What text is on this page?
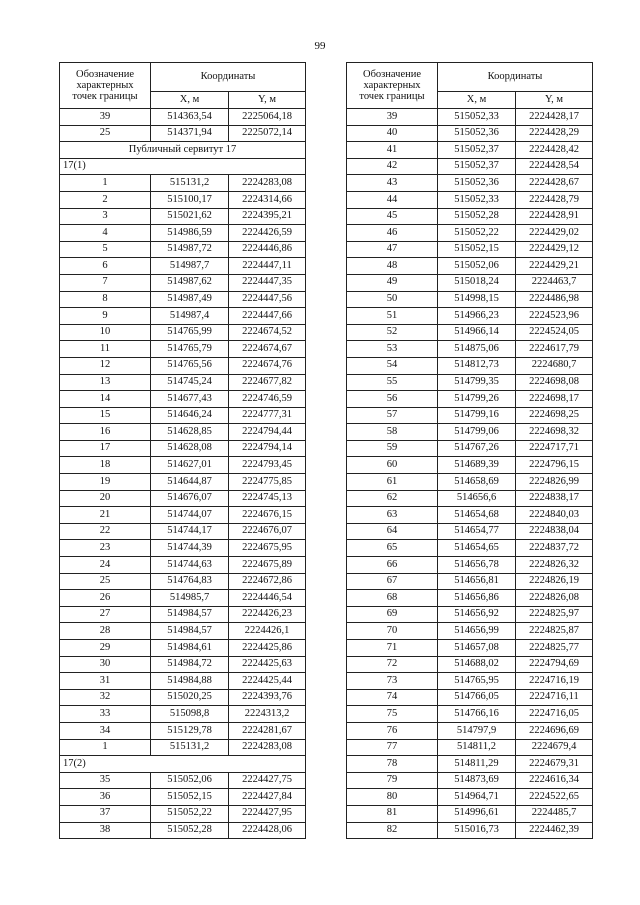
99
Обозначение характерных точек границы	Координаты	
	X, м	Y, м
39	514363,54	2225064,18
25	514371,94	2225072,14
Публичный сервитут 17		
17(1)		
1	515131,2	2224283,08
2	515100,17	2224314,66
3	515021,62	2224395,21
4	514986,59	2224426,59
5	514987,72	2224446,86
6	514987,7	2224447,11
7	514987,62	2224447,35
8	514987,49	2224447,56
9	514987,4	2224447,66
10	514765,99	2224674,52
11	514765,79	2224674,67
12	514765,56	2224674,76
13	514745,24	2224677,82
14	514677,43	2224746,59
15	514646,24	2224777,31
16	514628,85	2224794,44
17	514628,08	2224794,14
18	514627,01	2224793,45
19	514644,87	2224775,85
20	514676,07	2224745,13
21	514744,07	2224676,15
22	514744,17	2224676,07
23	514744,39	2224675,95
24	514744,63	2224675,89
25	514764,83	2224672,86
26	514985,7	2224446,54
27	514984,57	2224426,23
28	514984,57	2224426,1
29	514984,61	2224425,86
30	514984,72	2224425,63
31	514984,88	2224425,44
32	515020,25	2224393,76
33	515098,8	2224313,2
34	515129,78	2224281,67
1	515131,2	2224283,08
17(2)		
35	515052,06	2224427,75
36	515052,15	2224427,84
37	515052,22	2224427,95
38	515052,28	2224428,06
Обозначение характерных точек границы	Координаты	
	X, м	Y, м
39	515052,33	2224428,17
40	515052,36	2224428,29
41	515052,37	2224428,42
42	515052,37	2224428,54
43	515052,36	2224428,67
44	515052,33	2224428,79
45	515052,28	2224428,91
46	515052,22	2224429,02
47	515052,15	2224429,12
48	515052,06	2224429,21
49	515018,24	2224463,7
50	514998,15	2224486,98
51	514966,23	2224523,96
52	514966,14	2224524,05
53	514875,06	2224617,79
54	514812,73	2224680,7
55	514799,35	2224698,08
56	514799,26	2224698,17
57	514799,16	2224698,25
58	514799,06	2224698,32
59	514767,26	2224717,71
60	514689,39	2224796,15
61	514658,69	2224826,99
62	514656,6	2224838,17
63	514654,68	2224840,03
64	514654,77	2224838,04
65	514654,65	2224837,72
66	514656,78	2224826,32
67	514656,81	2224826,19
68	514656,86	2224826,08
69	514656,92	2224825,97
70	514656,99	2224825,87
71	514657,08	2224825,77
72	514688,02	2224794,69
73	514765,95	2224716,19
74	514766,05	2224716,11
75	514766,16	2224716,05
76	514797,9	2224696,69
77	514811,2	2224679,4
78	514811,29	2224679,31
79	514873,69	2224616,34
80	514964,71	2224522,65
81	514996,61	2224485,7
82	515016,73	2224462,39
